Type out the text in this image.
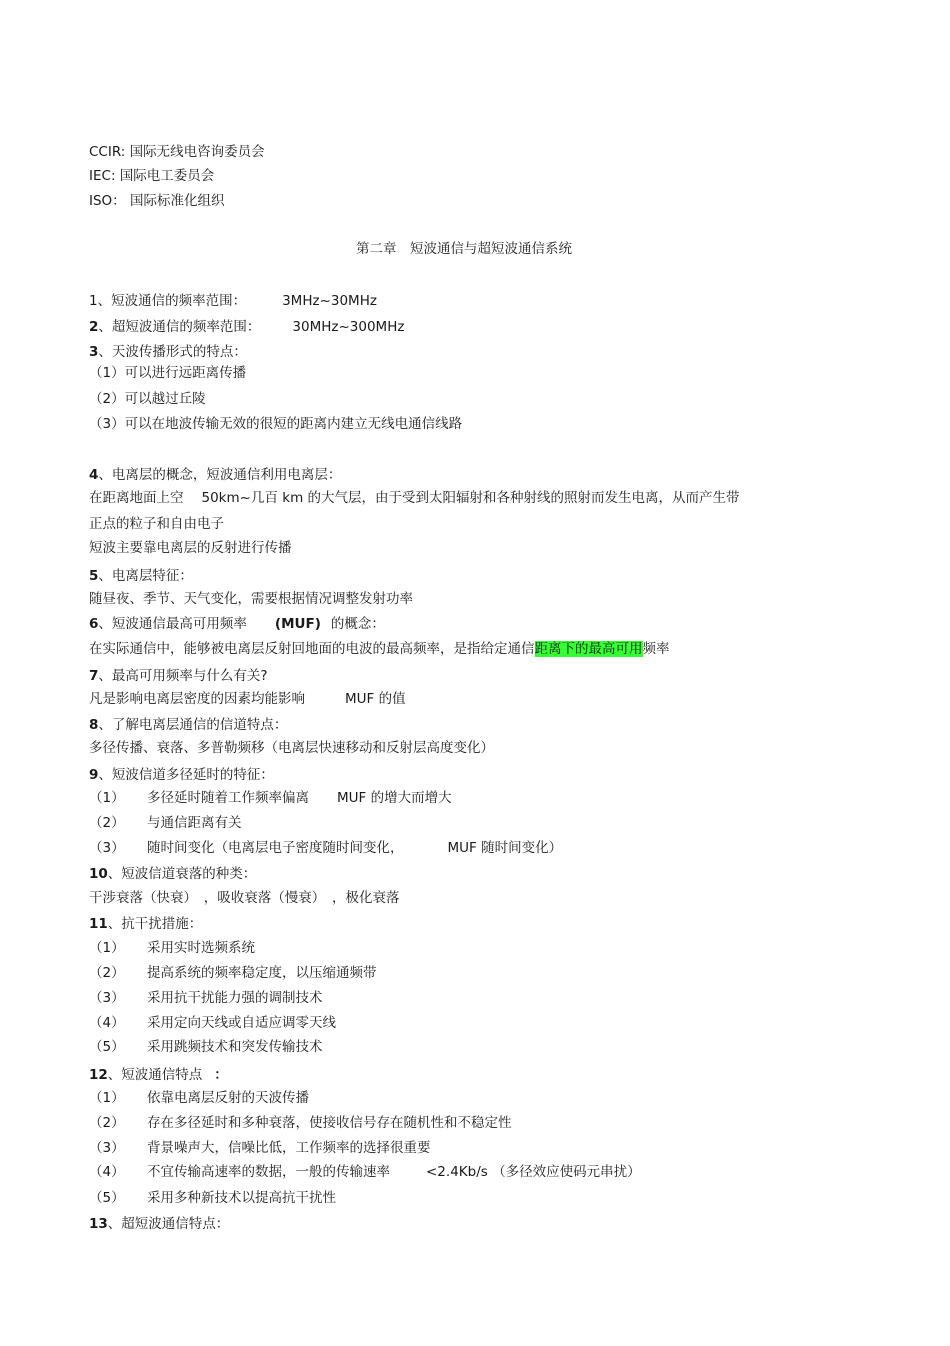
CCIR: 国际无线电咨询委员会
IEC: 国际电工委员会
ISO： 国际标准化组织
第二章　短波通信与超短波通信系统
1、短波通信的频率范围：	3MHz~30MHz
2、超短波通信的频率范围： 30MHz~300MHz
3、天波传播形式的特点：
（1）可以进行远距离传播
（2）可以越过丘陵
（3）可以在地波传输无效的很短的距离内建立无线电通信线路
4、电离层的概念，短波通信利用电离层：
在距离地面上空 50km~几百 km 的大气层，由于受到太阳辐射和各种射线的照射而发生电离，从而产生带
正点的粒子和自由电子
短波主要靠电离层的反射进行传播
5、电离层特征：
随昼夜、季节、天气变化，需要根据情况调整发射功率
6、短波通信最高可用频率 (MUF) 的概念：
在实际通信中，能够被电离层反射回地面的电波的最高频率，是指给定通信距离下的最高可用频率
7、最高可用频率与什么有关?
凡是影响电离层密度的因素均能影响	MUF 的值
8、了解电离层通信的信道特点：
多径传播、衰落、多普勒频移（电离层快速移动和反射层高度变化）
9、短波信道多径延时的特征：
（1） 多径延时随着工作频率偏离 MUF 的增大而增大
（2） 与通信距离有关
（3） 随时间变化（电离层电子密度随时间变化，	MUF 随时间变化）
10、短波信道衰落的种类：
干涉衰落（快衰）　，吸收衰落（慢衰）　，极化衰落
11、抗干扰措施：
（1） 采用实时选频系统
（2） 提高系统的频率稳定度，以压缩通频带
（3） 采用抗干扰能力强的调制技术
（4） 采用定向天线或自适应调零天线
（5） 采用跳频技术和突发传输技术
12、短波通信特点 ：
（1） 依靠电离层反射的天波传播
（2） 存在多径延时和多种衰落，使接收信号存在随机性和不稳定性
（3） 背景噪声大，信噪比低，工作频率的选择很重要
（4） 不宜传输高速率的数据，一般的传输速率	<2.4Kb/s （多径效应使码元串扰）
（5） 采用多种新技术以提高抗干扰性
13、超短波通信特点：
